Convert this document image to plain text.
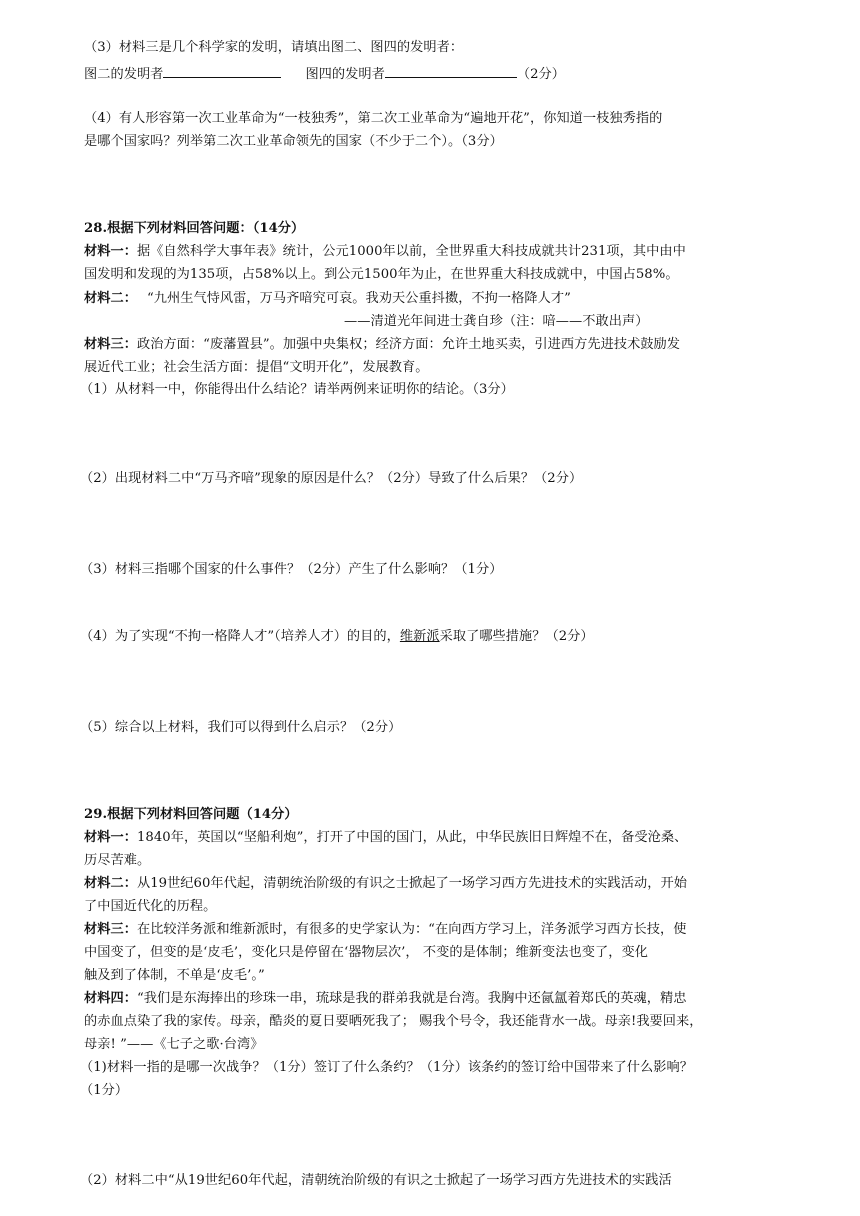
（3）材料三是几个科学家的发明，请填出图二、图四的发明者：
图二的发明者	图四的发明者	（2分）
（4）有人形容第一次工业革命为“一枝独秀”，第二次工业革命为“遍地开花”，你知道一枝独秀指的
是哪个国家吗？列举第二次工业革命领先的国家（不少于二个）。（3分）
28.根据下列材料回答问题：（14分）
材料一：据《自然科学大事年表》统计，公元1000年以前，全世界重大科技成就共计231项，其中由中
国发明和发现的为135项，占58%以上。到公元1500年为止，在世界重大科技成就中，中国占58%。
材料二： “九州生气恃风雷，万马齐喑究可哀。我劝天公重抖擞，不拘一格降人才”
——清道光年间进士龚自珍（注：喑——不敢出声）
材料三：政治方面：“废藩置县”。加强中央集权；经济方面：允许土地买卖，引进西方先进技术鼓励发
展近代工业；社会生活方面：提倡“文明开化”，发展教育。
（1）从材料一中，你能得出什么结论？请举两例来证明你的结论。（3分）
（2）出现材料二中“万马齐喑”现象的原因是什么？（2分）导致了什么后果？（2分）
（3）材料三指哪个国家的什么事件？（2分）产生了什么影响？（1分）
（4）为了实现“不拘一格降人才”（培养人才）的目的，维新派采取了哪些措施？（2分）
（5）综合以上材料，我们可以得到什么启示？（2分）
29.根据下列材料回答问题（14分）
材料一：1840年，英国以“坚船利炮”，打开了中国的国门，从此，中华民族旧日辉煌不在，备受沧桑、
历尽苦难。
材料二：从19世纪60年代起，清朝统治阶级的有识之士掀起了一场学习西方先进技术的实践活动，开始
了中国近代化的历程。
材料三：在比较洋务派和维新派时，有很多的史学家认为：“在向西方学习上，洋务派学习西方长技，使
中国变了，但变的是‘皮毛’，变化只是停留在‘器物层次’， 不变的是体制；维新变法也变了，变化
触及到了体制，不单是‘皮毛’。”
材料四：“我们是东海捧出的珍珠一串，琉球是我的群弟我就是台湾。我胸中还氤氲着郑氏的英魂，精忠
的赤血点染了我的家传。母亲，酷炎的夏日要晒死我了； 赐我个号令，我还能背水一战。母亲!我要回来，
母亲! ”——《七子之歌·台湾》
（1)材料一指的是哪一次战争？（1分）签订了什么条约？（1分）该条约的签订给中国带来了什么影响？
（1分）
（2）材料二中“从19世纪60年代起，清朝统治阶级的有识之士掀起了一场学习西方先进技术的实践活
